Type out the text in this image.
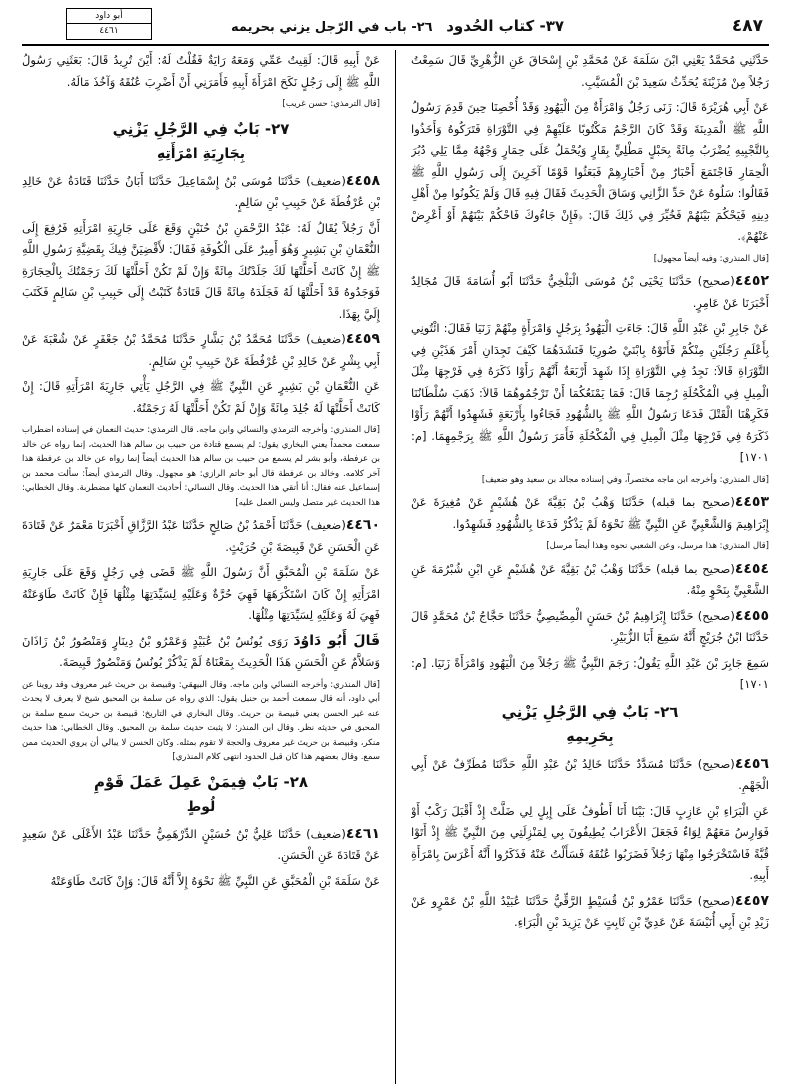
٤٨٧
٣٧- كتاب الحُدود   ٢٦- باب في الرّجل يزني بحريمه
أبو داود
٤٤٦١

حَدَّثَنِي مُحَمَّدٌ يَعْنِي ابْنَ سَلَمَةَ عَنْ مُحَمَّدِ بْنِ إِسْحَاقَ عَنِ الزُّهْرِيِّ قَالَ سَمِعْتُ رَجُلاً مِنْ مُزَيْنَةَ يُحَدِّثُ سَعِيدَ بْنَ الْمُسَيَّبِ.

عَنْ أَبِي هُرَيْرَةَ قَالَ: زَنَى رَجُلٌ وَامْرَأَةٌ مِنَ الْيَهُودِ وَقَدْ أُحْصِنَا حِينَ قَدِمَ رَسُولُ اللَّهِ ﷺ الْمَدِينَةَ وَقَدْ كَانَ الرَّجْمُ مَكْتُوبًا عَلَيْهِمْ فِي التَّوْرَاةِ فَتَرَكُوهُ وَأَخَذُوا بِالتَّجْبِيهِ يُضْرَبُ مِائَةً بِحَبْلٍ مَطْلِيٍّ بِقَارٍ وَيُحْمَلُ عَلَى حِمَارٍ وَجْهُهُ مِمَّا يَلِي دُبُرَ الْحِمَارِ فَاجْتَمَعَ أَحْبَارٌ مِنْ أَحْبَارِهِمْ فَبَعَثُوا قَوْمًا آخَرِينَ إِلَى رَسُولِ اللَّهِ ﷺ فَقَالُوا: سَلُوهُ عَنْ حَدِّ الزَّانِي وَسَاقَ الْحَدِيثَ فَقَالَ فِيهِ قَالَ وَلَمْ يَكُونُوا مِنْ أَهْلِ دِينِهِ فَيَحْكُمَ بَيْنَهُمْ فَخُيِّرَ فِي ذَلِكَ قَالَ: ﴿فَإِنْ جَاءُوكَ فَاحْكُمْ بَيْنَهُمْ أَوْ أَعْرِضْ عَنْهُمْ﴾.

[قال المنذري: وفيه أيضاً مجهول]

٤٤٥٢(صحيح) حَدَّثَنَا يَحْيَى بْنُ مُوسَى الْبَلْخِيُّ حَدَّثَنَا أَبُو أُسَامَةَ قَالَ مُجَالِدٌ أَخْبَرَنَا عَنْ عَامِرٍ.

عَنْ جَابِرِ بْنِ عَبْدِ اللَّهِ قَالَ: جَاءَتِ الْيَهُودُ بِرَجُلٍ وَامْرَأَةٍ مِنْهُمْ زَنَيَا فَقَالَ: ائْتُونِي بِأَعْلَمِ رَجُلَيْنِ مِنْكُمْ فَأَتَوْهُ بِابْنَيْ صُورِيَا فَنَشَدَهُمَا كَيْفَ تَجِدَانِ أَمْرَ هَذَيْنِ فِي التَّوْرَاةِ قَالاَ: نَجِدُ فِي التَّوْرَاةِ إِذَا شَهِدَ أَرْبَعَةٌ أَنَّهُمْ رَأَوْا ذَكَرَهُ فِي فَرْجِهَا مِثْلَ الْمِيلِ فِي الْمُكْحُلَةِ رُجِمَا قَالَ: فَمَا يَمْنَعُكُمَا أَنْ تَرْجُمُوهُمَا قَالاَ: ذَهَبَ سُلْطَانُنَا فَكَرِهْنَا الْقَتْلَ فَدَعَا رَسُولُ اللَّهِ ﷺ بِالشُّهُودِ فَجَاءُوا بِأَرْبَعَةٍ فَشَهِدُوا أَنَّهُمْ رَأَوْا ذَكَرَهُ فِي فَرْجِهَا مِثْلَ الْمِيلِ فِي الْمُكْحُلَةِ فَأَمَرَ رَسُولُ اللَّهِ ﷺ بِرَجْمِهِمَا. [م: ١٧٠١]

[قال المنذري: وأخرجه ابن ماجه مختصراً، وفي إسناده مجالد بن سعيد وهو ضعيف]

٤٤٥٣(صحيح بما قبله) حَدَّثَنَا وَهْبُ بْنُ بَقِيَّةَ عَنْ هُشَيْمٍ عَنْ مُغِيرَةَ عَنْ إِبْرَاهِيمَ وَالشَّعْبِيِّ عَنِ النَّبِيِّ ﷺ نَحْوَهُ لَمْ يَذْكُرْ فَدَعَا بِالشُّهُودِ فَشَهِدُوا.

[قال المنذري: هذا مرسل، وعن الشعبي نحوه وهذا أيضاً مرسل]

٤٤٥٤(صحيح بما قبله) حَدَّثَنَا وَهْبُ بْنُ بَقِيَّةَ عَنْ هُشَيْمٍ عَنِ ابْنِ شُبْرُمَةَ عَنِ الشَّعْبِيِّ بِنَحْوٍ مِنْهُ.

٤٤٥٥(صحيح) حَدَّثَنَا إِبْرَاهِيمُ بْنُ حَسَنٍ الْمِصِّيصِيُّ حَدَّثَنَا حَجَّاجُ بْنُ مُحَمَّدٍ قَالَ حَدَّثَنَا ابْنُ جُرَيْجٍ أَنَّهُ سَمِعَ أَبَا الزُّبَيْرِ.

سَمِعَ جَابِرَ بْنَ عَبْدِ اللَّهِ يَقُولُ: رَجَمَ النَّبِيُّ ﷺ رَجُلاً مِنَ الْيَهُودِ وَامْرَأَةً زَنَيَا. [م: ١٧٠١]

٢٦- بَابٌ فِي الرَّجُلِ يَزْنِي
بِحَرِيمِهِ

٤٤٥٦(صحيح) حَدَّثَنَا مُسَدَّدٌ حَدَّثَنَا خَالِدُ بْنُ عَبْدِ اللَّهِ حَدَّثَنَا مُطَرِّفٌ عَنْ أَبِي الْجَهْمِ.

عَنِ الْبَرَاءِ بْنِ عَازِبٍ قَالَ: بَيْنَا أَنَا أَطُوفُ عَلَى إِبِلٍ لِي ضَلَّتْ إِذْ أَقْبَلَ رَكْبٌ أَوْ فَوَارِسُ مَعَهُمْ لِوَاءٌ فَجَعَلَ الأَعْرَابُ يُطِيفُونَ بِي لِمَنْزِلَتِي مِنَ النَّبِيِّ ﷺ إِذْ أَتَوْا قُبَّةً فَاسْتَخْرَجُوا مِنْهَا رَجُلاً فَضَرَبُوا عُنُقَهُ فَسَأَلْتُ عَنْهُ فَذَكَرُوا أَنَّهُ أَعْرَسَ بِامْرَأَةِ أَبِيهِ.

٤٤٥٧(صحيح) حَدَّثَنَا عَمْرُو بْنُ قُسَيْطٍ الرَّقِّيُّ حَدَّثَنَا عُبَيْدُ اللَّهِ بْنُ عَمْرٍو عَنْ زَيْدِ بْنِ أَبِي أُنَيْسَةَ عَنْ عَدِيِّ بْنِ ثَابِتٍ عَنْ يَزِيدَ بْنِ الْبَرَاءِ.

عَنْ أَبِيهِ قَالَ: لَقِيتُ عَمِّي وَمَعَهُ رَايَةٌ فَقُلْتُ لَهُ: أَيْنَ تُرِيدُ قَالَ: بَعَثَنِي رَسُولُ اللَّهِ ﷺ إِلَى رَجُلٍ نَكَحَ امْرَأَةَ أَبِيهِ فَأَمَرَنِي أَنْ أَضْرِبَ عُنُقَهُ وَآخُذَ مَالَهُ.

[قال الترمذي: حسن غريب]

٢٧- بَابٌ فِي الرَّجُلِ يَزْنِي
بِجَارِيَةِ امْرَأَتِهِ

٤٤٥٨(ضعيف) حَدَّثَنَا مُوسَى بْنُ إِسْمَاعِيلَ حَدَّثَنَا أَبَانُ حَدَّثَنَا قَتَادَةُ عَنْ خَالِدِ بْنِ عُرْفُطَةَ عَنْ حَبِيبِ بْنِ سَالِمٍ.

أَنَّ رَجُلاً يُقَالُ لَهُ: عَبْدُ الرَّحْمَنِ بْنُ حُنَيْنٍ وَقَعَ عَلَى جَارِيَةِ امْرَأَتِهِ فَرُفِعَ إِلَى النُّعْمَانِ بْنِ بَشِيرٍ وَهُوَ أَمِيرٌ عَلَى الْكُوفَةِ فَقَالَ: لأَقْضِيَنَّ فِيكَ بِقَضِيَّةِ رَسُولِ اللَّهِ ﷺ إِنْ كَانَتْ أَحَلَّتْهَا لَكَ جَلَدْتُكَ مِائَةً وَإِنْ لَمْ تَكُنْ أَحَلَّتْهَا لَكَ رَجَمْتُكَ بِالْحِجَارَةِ فَوَجَدُوهُ قَدْ أَحَلَّتْهَا لَهُ فَجَلَدَهُ مِائَةً قَالَ قَتَادَةُ كَتَبْتُ إِلَى حَبِيبِ بْنِ سَالِمٍ فَكَتَبَ إِلَيَّ بِهَذَا.

٤٤٥٩(ضعيف) حَدَّثَنَا مُحَمَّدُ بْنُ بَشَّارٍ حَدَّثَنَا مُحَمَّدُ بْنُ جَعْفَرٍ عَنْ شُعْبَةَ عَنْ أَبِي بِشْرٍ عَنْ خَالِدِ بْنِ عُرْفُطَةَ عَنْ حَبِيبِ بْنِ سَالِمٍ.

عَنِ النُّعْمَانِ بْنِ بَشِيرٍ عَنِ النَّبِيِّ ﷺ فِي الرَّجُلِ يَأْتِي جَارِيَةَ امْرَأَتِهِ قَالَ: إِنْ كَانَتْ أَحَلَّتْهَا لَهُ جُلِدَ مِائَةً وَإِنْ لَمْ تَكُنْ أَحَلَّتْهَا لَهُ رَجَمْتُهُ.

[قال المنذري: وأخرجه الترمذي والنسائي وابن ماجه. قال الترمذي: حديث النعمان في إسناده اضطراب سمعت محمداً يعني البخاري يقول: لم يسمع قتادة من حبيب بن سالم هذا الحديث، إنما رواه عن خالد بن عرفطة، وأبو بشر لم يسمع من حبيب بن سالم هذا الحديث أيضاً إنما رواه عن خالد بن عرفطة هذا آخر كلامه. وخالد بن عرفطة قال أبو حاتم الرازي: هو مجهول. وقال الترمذي أيضاً: سألت محمد بن إسماعيل عنه فقال: أنا أتقي هذا الحديث. وقال النسائي: أحاديث النعمان كلها مضطربة. وقال الخطابي: هذا الحديث غير متصل وليس العمل عليه]

٤٤٦٠(ضعيف) حَدَّثَنَا أَحْمَدُ بْنُ صَالِحٍ حَدَّثَنَا عَبْدُ الرَّزَّاقِ أَخْبَرَنَا مَعْمَرٌ عَنْ قَتَادَةَ عَنِ الْحَسَنِ عَنْ قَبِيصَةَ بْنِ حُرَيْثٍ.

عَنْ سَلَمَةَ بْنِ الْمُحَبَّقِ أَنَّ رَسُولَ اللَّهِ ﷺ قَضَى فِي رَجُلٍ وَقَعَ عَلَى جَارِيَةِ امْرَأَتِهِ إِنْ كَانَ اسْتَكْرَهَهَا فَهِيَ حُرَّةٌ وَعَلَيْهِ لِسَيِّدَتِهَا مِثْلُهَا فَإِنْ كَانَتْ طَاوَعَتْهُ فَهِيَ لَهُ وَعَلَيْهِ لِسَيِّدَتِهَا مِثْلُهَا.

قَالَ أَبُو دَاوُدَ رَوَى يُونُسُ بْنُ عُبَيْدٍ وَعَمْرُو بْنُ دِينَارٍ وَمَنْصُورُ بْنُ زَاذَانَ وَسَلاَّمٌ عَنِ الْحَسَنِ هَذَا الْحَدِيثَ بِمَعْنَاهُ لَمْ يَذْكُرْ يُونُسُ وَمَنْصُورٌ قَبِيصَةَ.

[قال المنذري: وأخرجه النسائي وابن ماجه. وقال البيهقي: وقبيصة بن حريث غير معروف وقد روينا عن أبي داود، أنه قال سمعت أحمد بن حنبل يقول: الذي رواه عن سلمة بن المحبق شيخ لا يعرف لا يحدث عنه غير الحسن يعني قبيصة بن حريث. وقال البخاري في التاريخ: قبيصة بن حريث سمع سلمة بن المحبق في حديثه نظر. وقال ابن المنذر: لا يثبت حديث سلمة بن المحبق. وقال الخطابي: هذا حديث منكر، وقبيصة بن حريث غير معروف والحجة لا تقوم بمثله. وكان الحسن لا يبالي أن يروي الحديث ممن سمع. وقال بعضهم هذا كان قبل الحدود انتهى كلام المنذري]

٢٨- بَابٌ فِيمَنْ عَمِلَ عَمَلَ قَوْمِ
لُوطٍ

٤٤٦١(ضعيف) حَدَّثَنَا عَلِيُّ بْنُ حُسَيْنٍ الدِّرْهَمِيُّ حَدَّثَنَا عَبْدُ الأَعْلَى عَنْ سَعِيدٍ عَنْ قَتَادَةَ عَنِ الْحَسَنِ.

عَنْ سَلَمَةَ بْنِ الْمُحَبَّقِ عَنِ النَّبِيِّ ﷺ نَحْوَهُ إِلاَّ أَنَّهُ قَالَ: وَإِنْ كَانَتْ طَاوَعَتْهُ
